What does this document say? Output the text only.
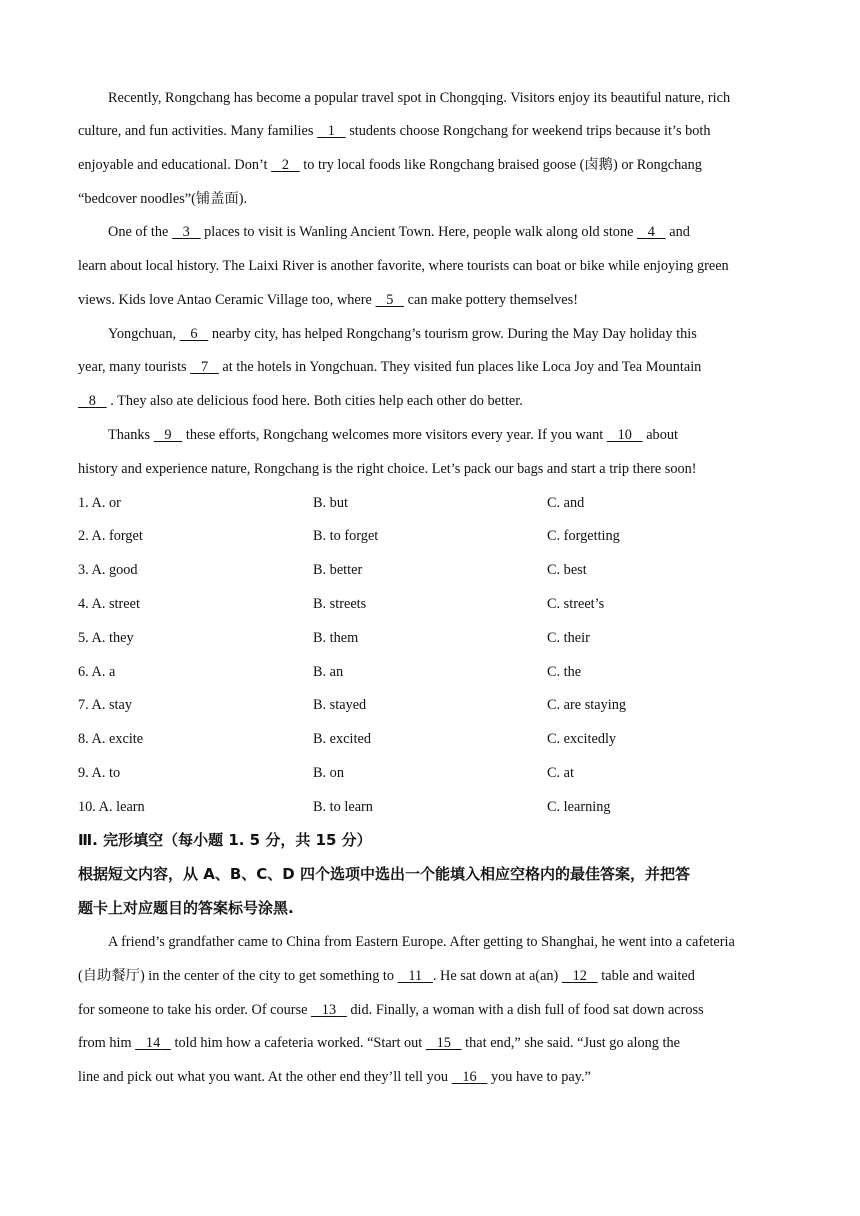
Recently, Rongchang has become a popular travel spot in Chongqing. Visitors enjoy its beautiful nature, rich
culture, and fun activities. Many families 1 students choose Rongchang for weekend trips because it’s both
enjoyable and educational. Don’t 2 to try local foods like Rongchang braised goose (卤鹅) or Rongchang
“bedcover noodles”(铺盖面).
One of the 3 places to visit is Wanling Ancient Town. Here, people walk along old stone 4 and
learn about local history. The Laixi River is another favorite, where tourists can boat or bike while enjoying green
views. Kids love Antao Ceramic Village too, where 5 can make pottery themselves!
Yongchuan, 6 nearby city, has helped Rongchang’s tourism grow. During the May Day holiday this
year, many tourists 7 at the hotels in Yongchuan. They visited fun places like Loca Joy and Tea Mountain
8 . They also ate delicious food here. Both cities help each other do better.
Thanks 9 these efforts, Rongchang welcomes more visitors every year. If you want 10 about
history and experience nature, Rongchang is the right choice. Let’s pack our bags and start a trip there soon!
1. A. or	B. but	C. and
2. A. forget	B. to forget	C. forgetting
3. A. good	B. better	C. best
4. A. street	B. streets	C. street’s
5. A. they	B. them	C. their
6. A. a	B. an	C. the
7. A. stay	B. stayed	C. are staying
8. A. excite	B. excited	C. excitedly
9. A. to	B. on	C. at
10. A. learn	B. to learn	C. learning
Ⅲ. 完形填空（每小题 1. 5 分，共 15 分）
根据短文内容，从 A、B、C、D 四个选项中选出一个能填入相应空格内的最佳答案，并把答
题卡上对应题目的答案标号涂黑.
A friend’s grandfather came to China from Eastern Europe. After getting to Shanghai, he went into a cafeteria
(自助餐厅) in the center of the city to get something to 11 . He sat down at a(an) 12 table and waited
for someone to take his order. Of course 13 did. Finally, a woman with a dish full of food sat down across
from him 14 told him how a cafeteria worked. “Start out 15 that end,” she said. “Just go along the
line and pick out what you want. At the other end they’ll tell you 16 you have to pay.”
